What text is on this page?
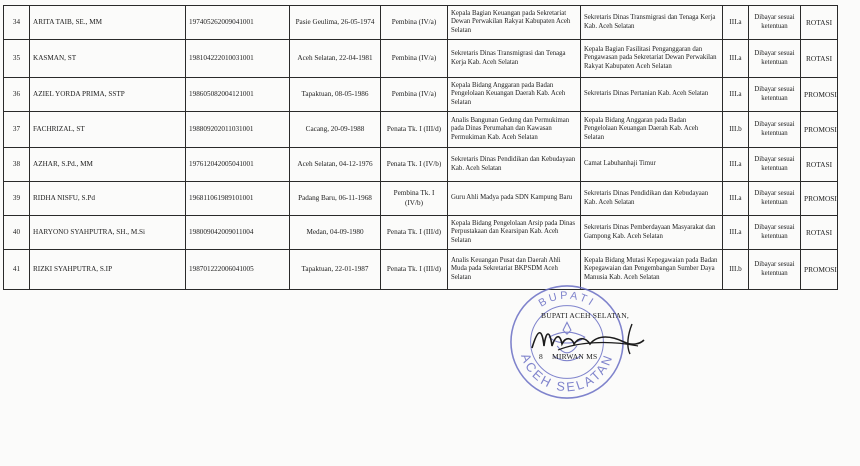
34	ARITA TAIB, SE., MM	197405262009041001	Pasie Geulima, 26-05-1974	Pembina (IV/a)	Kepala Bagian Keuangan pada Sekretariat Dewan Perwakilan Rakyat Kabupaten Aceh Selatan	Sekretaris Dinas Transmigrasi dan Tenaga Kerja Kab. Aceh Selatan	III.a	Dibayar sesuai ketentuan	ROTASI
35	KASMAN, ST	198104222010031001	Aceh Selatan, 22-04-1981	Pembina (IV/a)	Sekretaris Dinas Transmigrasi dan Tenaga Kerja Kab. Aceh Selatan	Kepala Bagian Fasilitasi Penganggaran dan Pengawasan pada Sekretariat Dewan Perwakilan Rakyat Kabupaten Aceh Selatan	III.a	Dibayar sesuai ketentuan	ROTASI
36	AZIEL YORDA PRIMA, SSTP	198605082004121001	Tapaktuan, 08-05-1986	Pembina (IV/a)	Kepala Bidang Anggaran pada Badan Pengelolaan Keuangan Daerah Kab. Aceh Selatan	Sekretaris Dinas Pertanian Kab. Aceh Selatan	III.a	Dibayar sesuai ketentuan	PROMOSI
37	FACHRIZAL, ST	198809202011031001	Cacang, 20-09-1988	Penata Tk. I (III/d)	Analis Bangunan Gedung dan Permukiman pada Dinas Perumahan dan Kawasan Permukiman Kab. Aceh Selatan	Kepala Bidang Anggaran pada Badan Pengelolaan Keuangan Daerah Kab. Aceh Selatan	III.b	Dibayar sesuai ketentuan	PROMOSI
38	AZHAR, S.Pd., MM	197612042005041001	Aceh Selatan, 04-12-1976	Penata Tk. I (IV/b)	Sekretaris Dinas Pendidikan dan Kebudayaan Kab. Aceh Selatan	Camat Labuhanhaji Timur	III.a	Dibayar sesuai ketentuan	ROTASI
39	RIDHA NISFU, S.Pd	196811061989101001	Padang Baru, 06-11-1968	Pembina Tk. I (IV/b)	Guru Ahli Madya pada SDN Kampung Baru	Sekretaris Dinas Pendidikan dan Kebudayaan Kab. Aceh Selatan	III.a	Dibayar sesuai ketentuan	PROMOSI
40	HARYONO SYAHPUTRA, SH., M.Si	198009042009011004	Medan, 04-09-1980	Penata Tk. I (III/d)	Kepala Bidang Pengelolaan Arsip pada Dinas Perpustakaan dan Kearsipan Kab. Aceh Selatan	Sekretaris Dinas Pemberdayaan Masyarakat dan Gampong Kab. Aceh Selatan	III.a	Dibayar sesuai ketentuan	ROTASI
41	RIZKI SYAHPUTRA, S.IP	198701222006041005	Tapaktuan, 22-01-1987	Penata Tk. I (III/d)	Analis Keuangan Pusat dan Daerah Ahli Muda pada Sekretariat BKPSDM Aceh Selatan	Kepala Bidang Mutasi Kepegawaian pada Badan Kepegawaian dan Pengembangan Sumber Daya Manusia Kab. Aceh Selatan	III.b	Dibayar sesuai ketentuan	PROMOSI
BUPATI
ACEH SELATAN
BUPATI ACEH SELATAN,
8 MIRWAN MS
